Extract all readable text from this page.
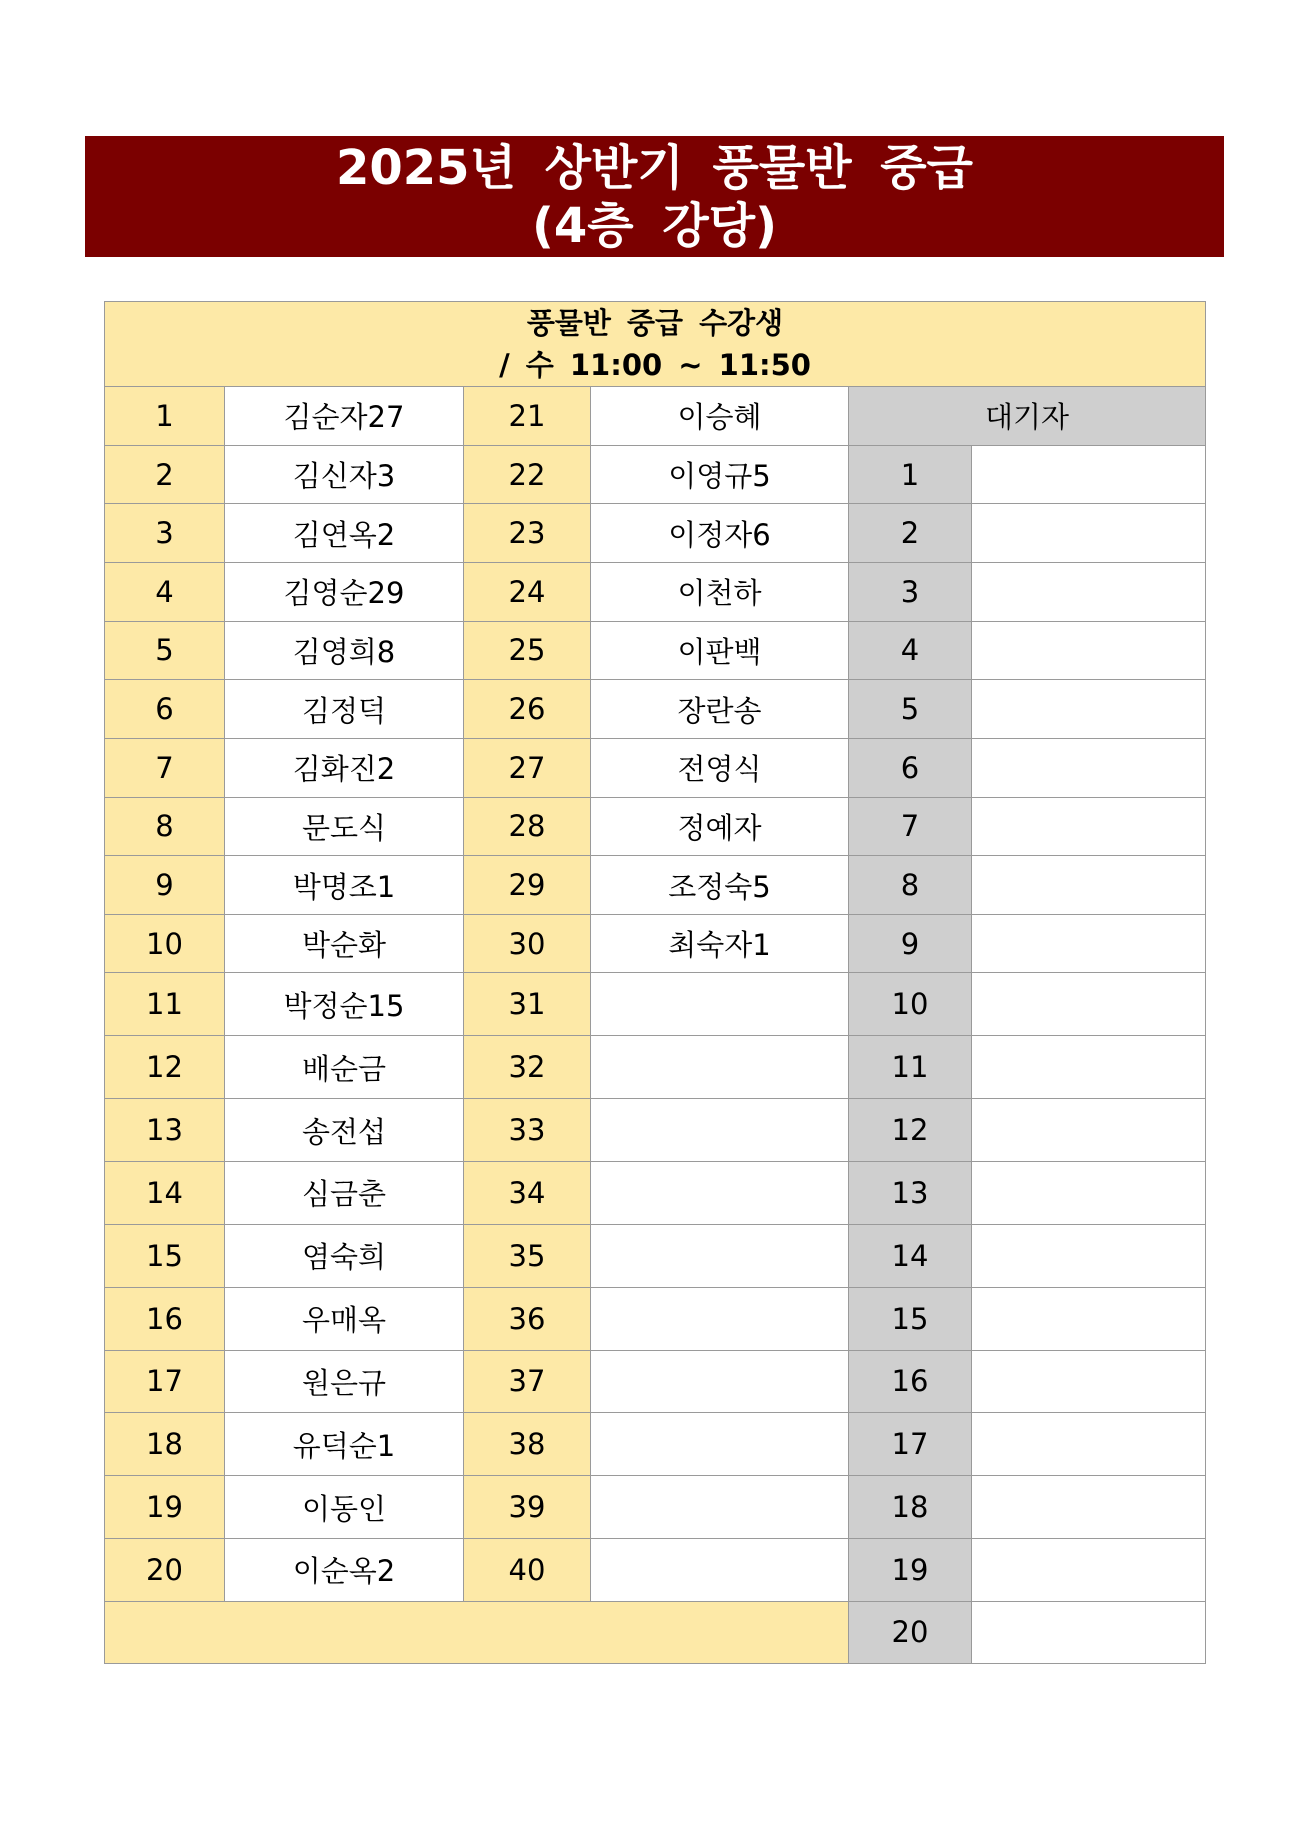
2025년 상반기 풍물반 중급
(4층 강당)
풍물반 중급 수강생
/ 수 11:00 ~ 11:50					

1	김순자27	21	이승혜	대기자	
2	김신자3	22	이영규5	1	
3	김연옥2	23	이정자6	2	
4	김영순29	24	이천하	3	
5	김영희8	25	이판백	4	
6	김정덕	26	장란송	5	
7	김화진2	27	전영식	6	
8	문도식	28	정예자	7	
9	박명조1	29	조정숙5	8	
10	박순화	30	최숙자1	9	
11	박정순15	31		10	
12	배순금	32		11	
13	송전섭	33		12	
14	심금춘	34		13	
15	염숙희	35		14	
16	우매옥	36		15	
17	원은규	37		16	
18	유덕순1	38		17	
19	이동인	39		18	
20	이순옥2	40		19	
				20	
